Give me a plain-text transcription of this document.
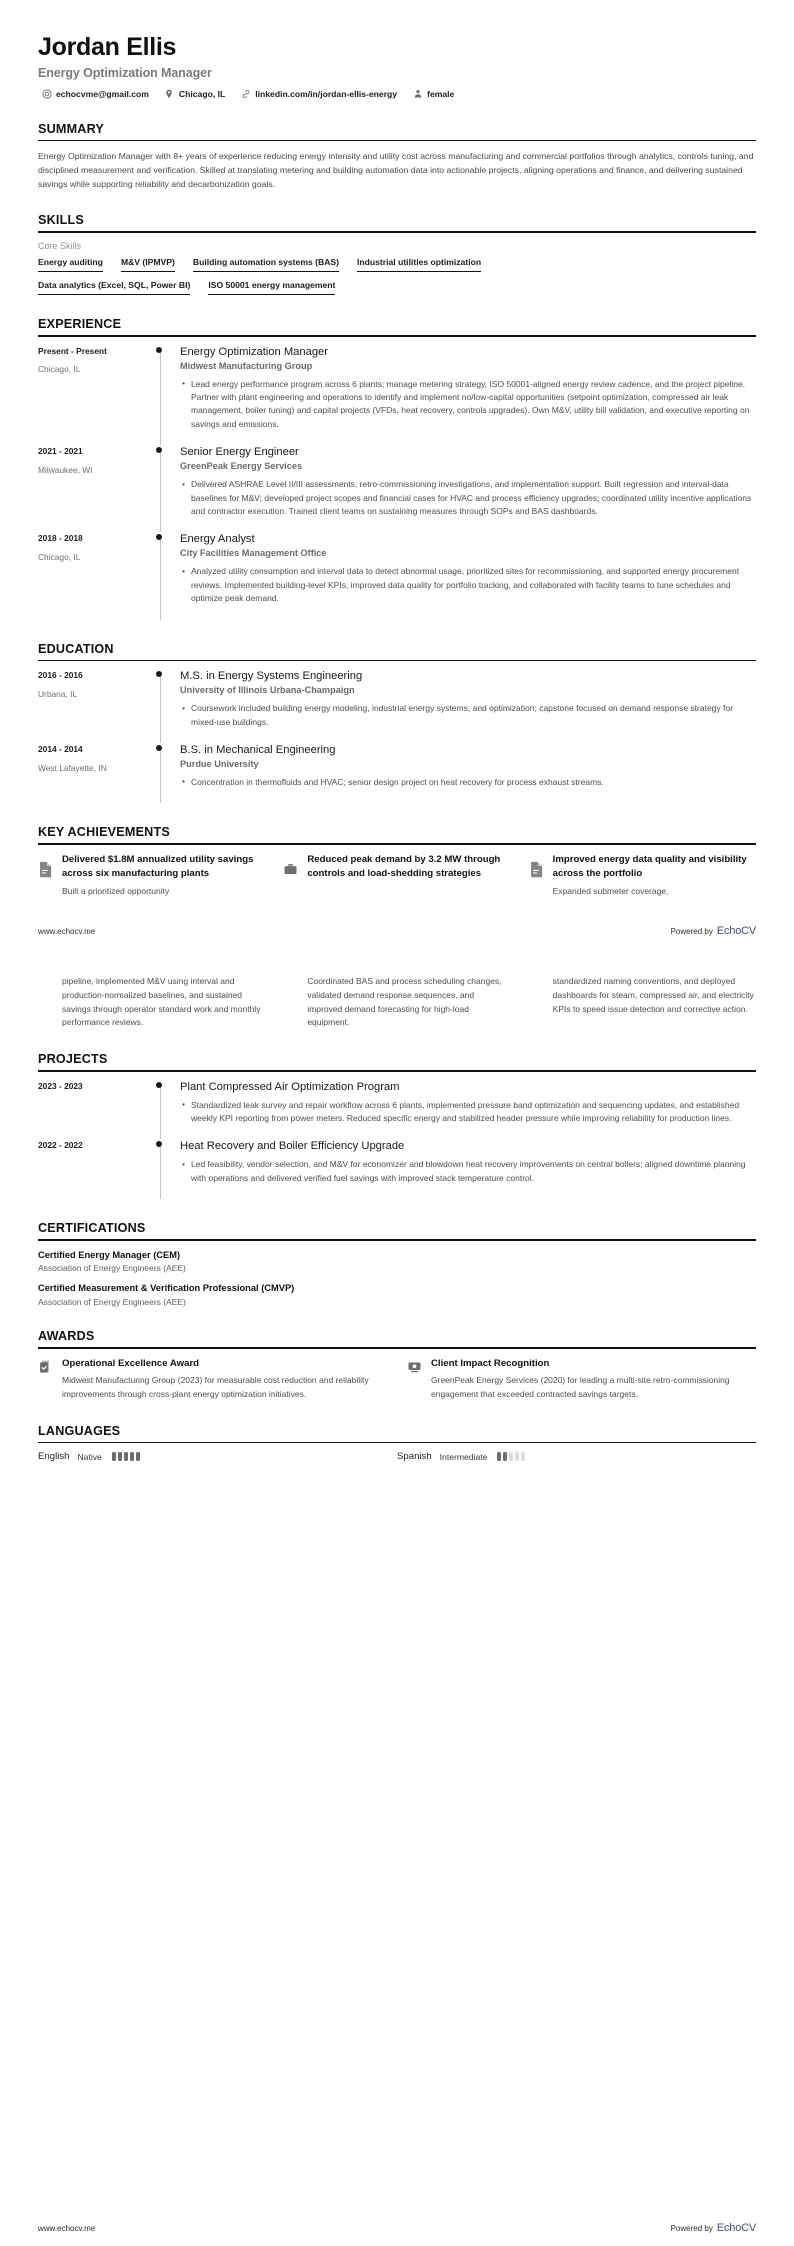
Jordan Ellis
Energy Optimization Manager
echocvme@gmail.com	Chicago, IL	linkedin.com/in/jordan-ellis-energy	female
SUMMARY
Energy Optimization Manager with 8+ years of experience reducing energy intensity and utility cost across manufacturing and commercial portfolios through analytics, controls tuning, and disciplined measurement and verification. Skilled at translating metering and building automation data into actionable projects, aligning operations and finance, and delivering sustained savings while supporting reliability and decarbonization goals.
SKILLS
Core Skills
Energy auditing M&V (IPMVP) Building automation systems (BAS) Industrial utilities optimization
Data analytics (Excel, SQL, Power BI) ISO 50001 energy management
EXPERIENCE
Present - Present
Chicago, IL
Energy Optimization Manager
Midwest Manufacturing Group
• Lead energy performance program across 6 plants; manage metering strategy, ISO 50001-aligned energy review cadence, and the project pipeline. Partner with plant engineering and operations to identify and implement no/low-capital opportunities (setpoint optimization, compressed air leak management, boiler tuning) and capital projects (VFDs, heat recovery, controls upgrades). Own M&V, utility bill validation, and executive reporting on savings and emissions.
2021 - 2021
Milwaukee, WI
Senior Energy Engineer
GreenPeak Energy Services
• Delivered ASHRAE Level II/III assessments, retro-commissioning investigations, and implementation support. Built regression and interval-data baselines for M&V; developed project scopes and financial cases for HVAC and process efficiency upgrades; coordinated utility incentive applications and contractor execution. Trained client teams on sustaining measures through SOPs and BAS dashboards.
2018 - 2018
Chicago, IL
Energy Analyst
City Facilities Management Office
• Analyzed utility consumption and interval data to detect abnormal usage, prioritized sites for recommissioning, and supported energy procurement reviews. Implemented building-level KPIs, improved data quality for portfolio tracking, and collaborated with facility teams to tune schedules and optimize peak demand.
EDUCATION
2016 - 2016
Urbana, IL
M.S. in Energy Systems Engineering
University of Illinois Urbana-Champaign
• Coursework included building energy modeling, industrial energy systems, and optimization; capstone focused on demand response strategy for mixed-use buildings.
2014 - 2014
West Lafayette, IN
B.S. in Mechanical Engineering
Purdue University
• Concentration in thermofluids and HVAC; senior design project on heat recovery for process exhaust streams.
KEY ACHIEVEMENTS
Delivered $1.8M annualized utility savings across six manufacturing plants
Built a prioritized opportunity
Reduced peak demand by 3.2 MW through controls and load-shedding strategies
Improved energy data quality and visibility across the portfolio
Expanded submeter coverage,
www.echocv.me	Powered by EchoCV
pipeline, implemented M&V using interval and production-normalized baselines, and sustained savings through operator standard work and monthly performance reviews.
Coordinated BAS and process scheduling changes, validated demand response sequences, and improved demand forecasting for high-load equipment.
standardized naming conventions, and deployed dashboards for steam, compressed air, and electricity KPIs to speed issue detection and corrective action.
PROJECTS
2023 - 2023	Plant Compressed Air Optimization Program
• Standardized leak survey and repair workflow across 6 plants, implemented pressure band optimization and sequencing updates, and established weekly KPI reporting from power meters. Reduced specific energy and stabilized header pressure while improving reliability for production lines.
2022 - 2022	Heat Recovery and Boiler Efficiency Upgrade
• Led feasibility, vendor selection, and M&V for economizer and blowdown heat recovery improvements on central boilers; aligned downtime planning with operations and delivered verified fuel savings with improved stack temperature control.
CERTIFICATIONS
Certified Energy Manager (CEM)
Association of Energy Engineers (AEE)
Certified Measurement & Verification Professional (CMVP)
Association of Energy Engineers (AEE)
AWARDS
Operational Excellence Award
Midwest Manufacturing Group (2023) for measurable cost reduction and reliability improvements through cross-plant energy optimization initiatives.
Client Impact Recognition
GreenPeak Energy Services (2020) for leading a multi-site retro-commissioning engagement that exceeded contracted savings targets.
LANGUAGES
English Native	Spanish Intermediate
www.echocv.me	Powered by EchoCV
